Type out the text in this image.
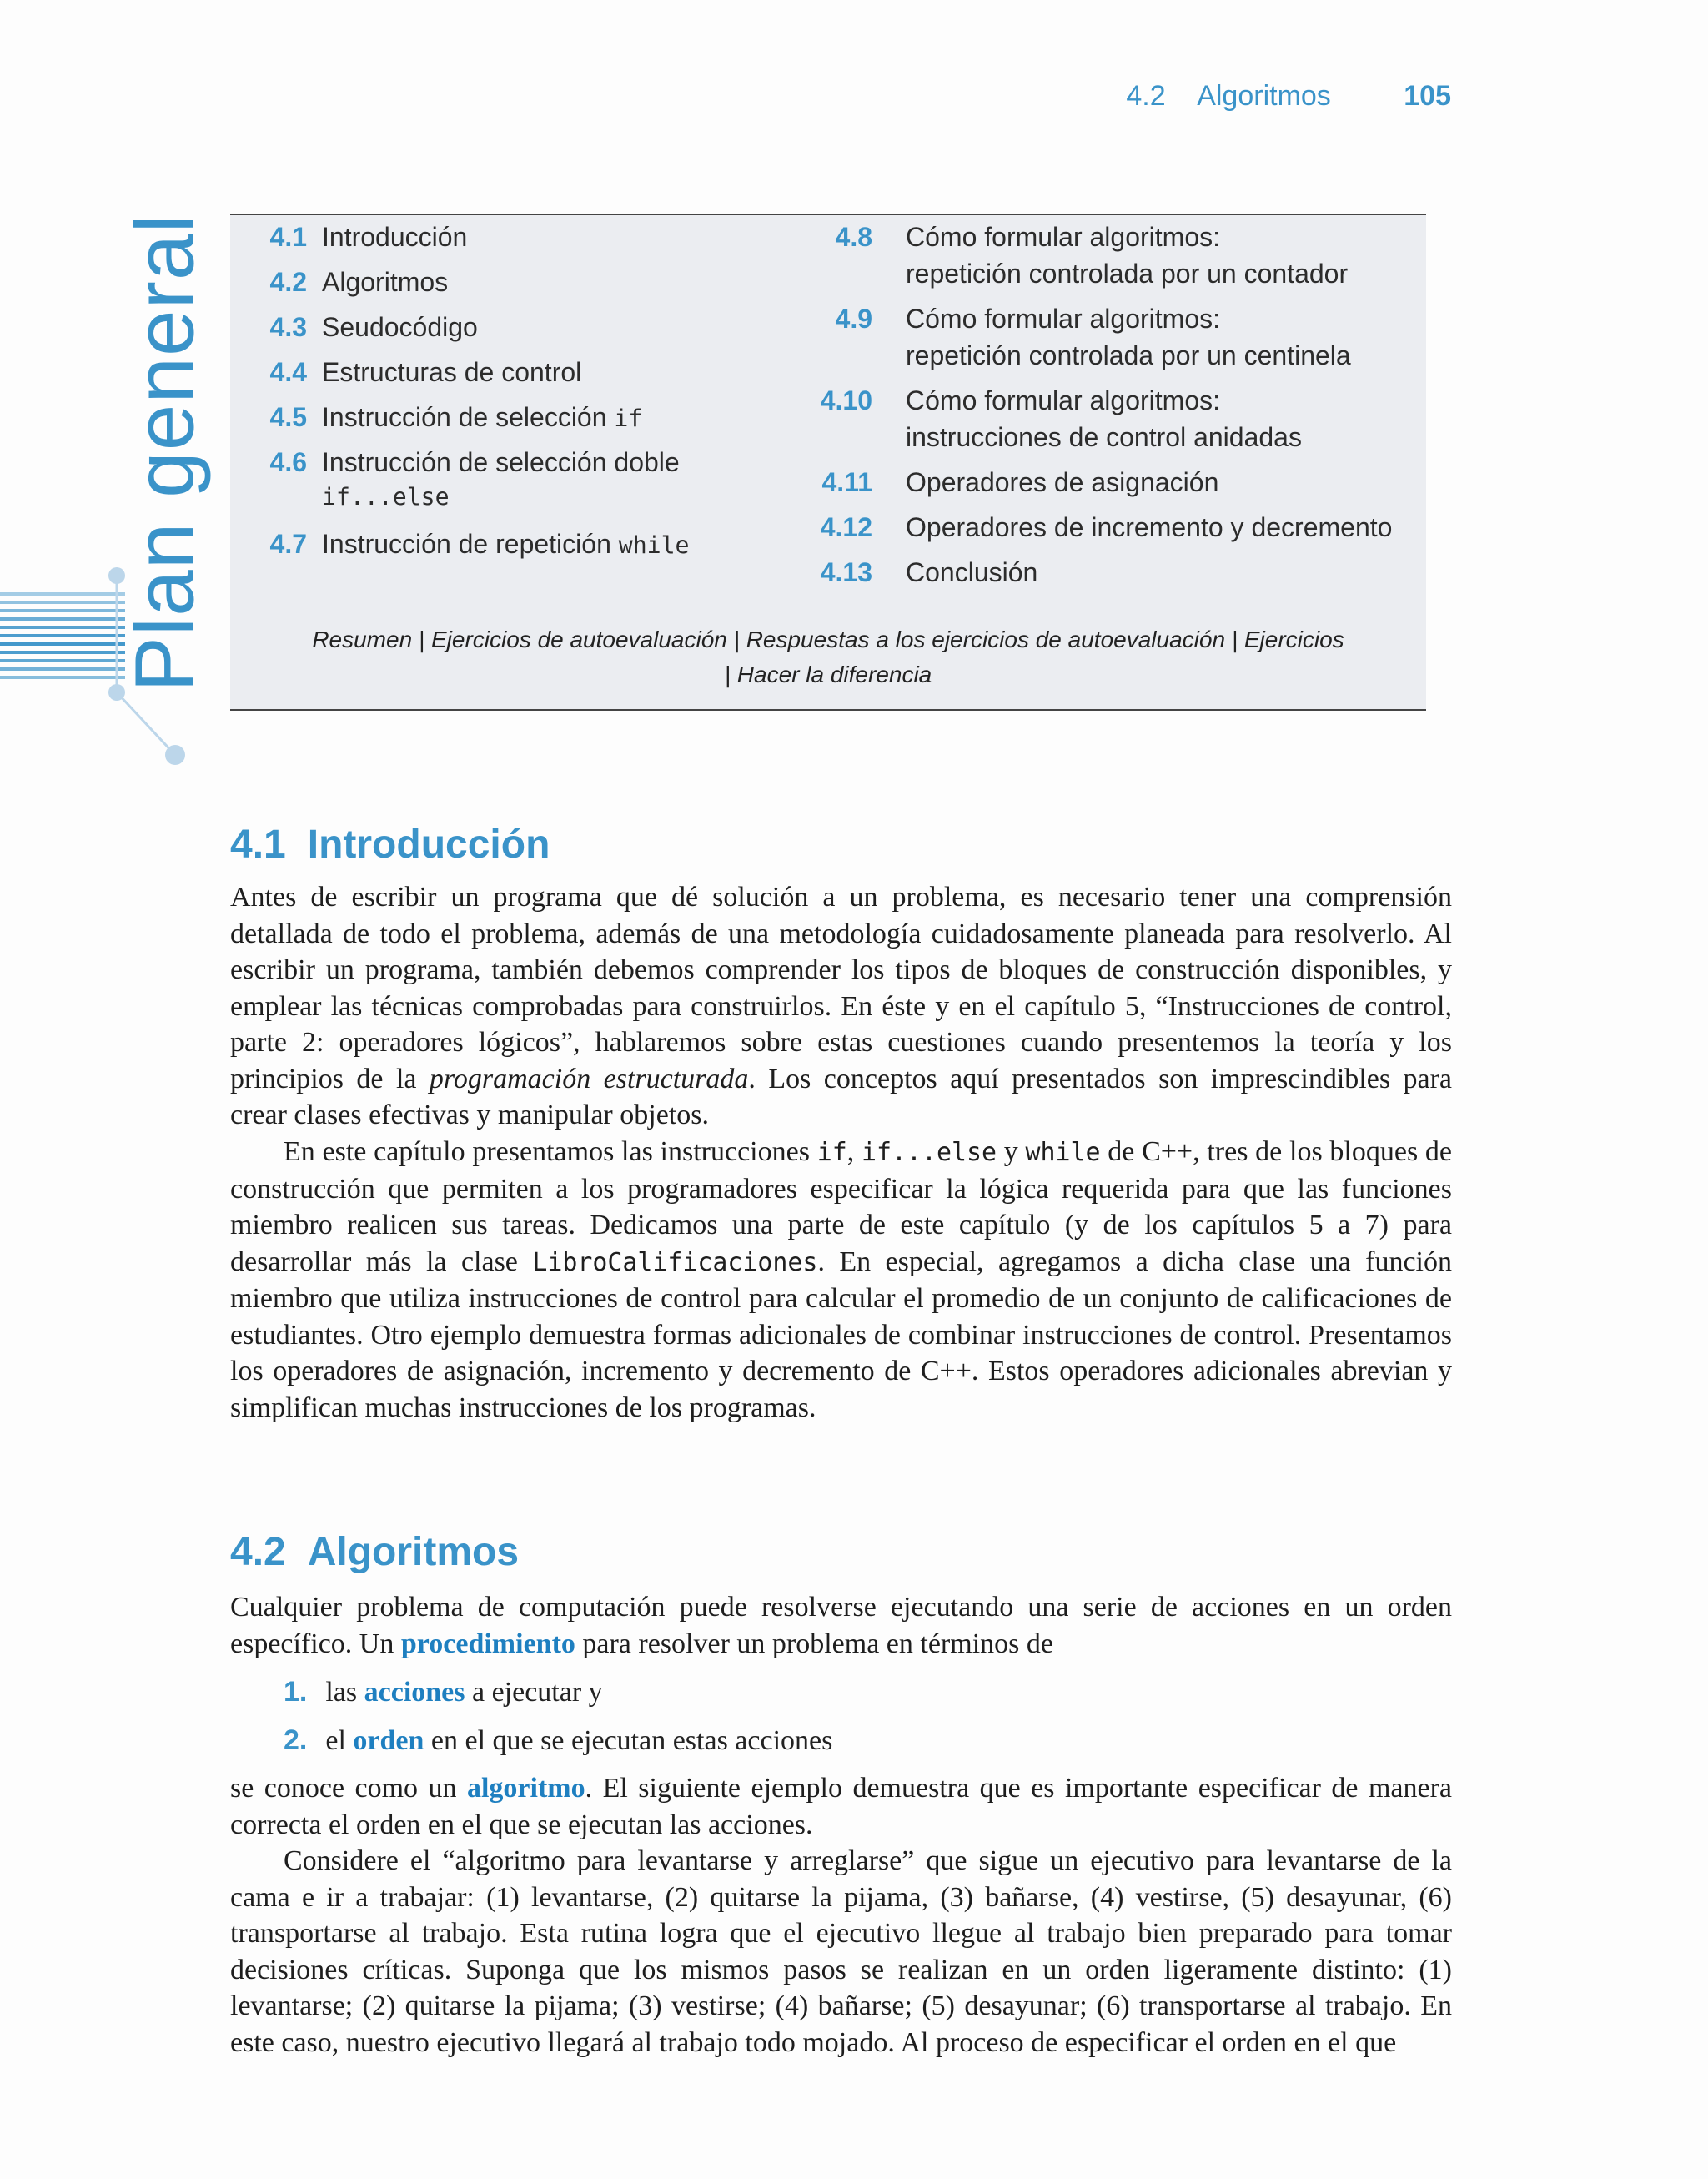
4.2 Algoritmos	105
Plan general	4.1 Introducción
4.2 Algoritmos
4.3 Seudocódigo
4.4 Estructuras de control
4.5 Instrucción de selección if
4.6 Instrucción de selección doble
if...else
4.7 Instrucción de repetición while
4.8 Cómo formular algoritmos:
repetición controlada por un contador
4.9 Cómo formular algoritmos:
repetición controlada por un centinela
4.10 Cómo formular algoritmos:
instrucciones de control anidadas
4.11 Operadores de asignación
4.12 Operadores de incremento y decremento
4.13 Conclusión
Resumen | Ejercicios de autoevaluación | Respuestas a los ejercicios de autoevaluación | Ejercicios
| Hacer la diferencia
4.1 Introducción

Antes de escribir un programa que dé solución a un problema, es necesario tener una comprensión detallada de todo el problema, además de una metodología cuidadosamente planeada para resolverlo. Al escribir un programa, también debemos comprender los tipos de bloques de construcción disponibles, y emplear las técnicas comprobadas para construirlos. En éste y en el capítulo 5, “Instrucciones de control, parte 2: operadores lógicos”, hablaremos sobre estas cuestiones cuando presentemos la teoría y los principios de la programación estructurada. Los conceptos aquí presentados son imprescindibles para crear clases efectivas y manipular objetos.

En este capítulo presentamos las instrucciones if, if...else y while de C++, tres de los bloques de construcción que permiten a los programadores especificar la lógica requerida para que las funciones miembro realicen sus tareas. Dedicamos una parte de este capítulo (y de los capítulos 5 a 7) para desarrollar más la clase LibroCalificaciones. En especial, agregamos a dicha clase una función miembro que utiliza instrucciones de control para calcular el promedio de un conjunto de calificaciones de estudiantes. Otro ejemplo demuestra formas adicionales de combinar instrucciones de control. Presentamos los operadores de asignación, incremento y decremento de C++. Estos operadores adicionales abrevian y simplifican muchas instrucciones de los programas.

4.2 Algoritmos

Cualquier problema de computación puede resolverse ejecutando una serie de acciones en un orden específico. Un procedimiento para resolver un problema en términos de

1. las acciones a ejecutar y
2. el orden en el que se ejecutan estas acciones

se conoce como un algoritmo. El siguiente ejemplo demuestra que es importante especificar de manera correcta el orden en el que se ejecutan las acciones.

Considere el “algoritmo para levantarse y arreglarse” que sigue un ejecutivo para levantarse de la cama e ir a trabajar: (1) levantarse, (2) quitarse la pijama, (3) bañarse, (4) vestirse, (5) desayunar, (6) transportarse al trabajo. Esta rutina logra que el ejecutivo llegue al trabajo bien preparado para tomar decisiones críticas. Suponga que los mismos pasos se realizan en un orden ligeramente distinto: (1) levantarse; (2) quitarse la pijama; (3) vestirse; (4) bañarse; (5) desayunar; (6) transportarse al trabajo. En este caso, nuestro ejecutivo llegará al trabajo todo mojado. Al proceso de especificar el orden en el que
